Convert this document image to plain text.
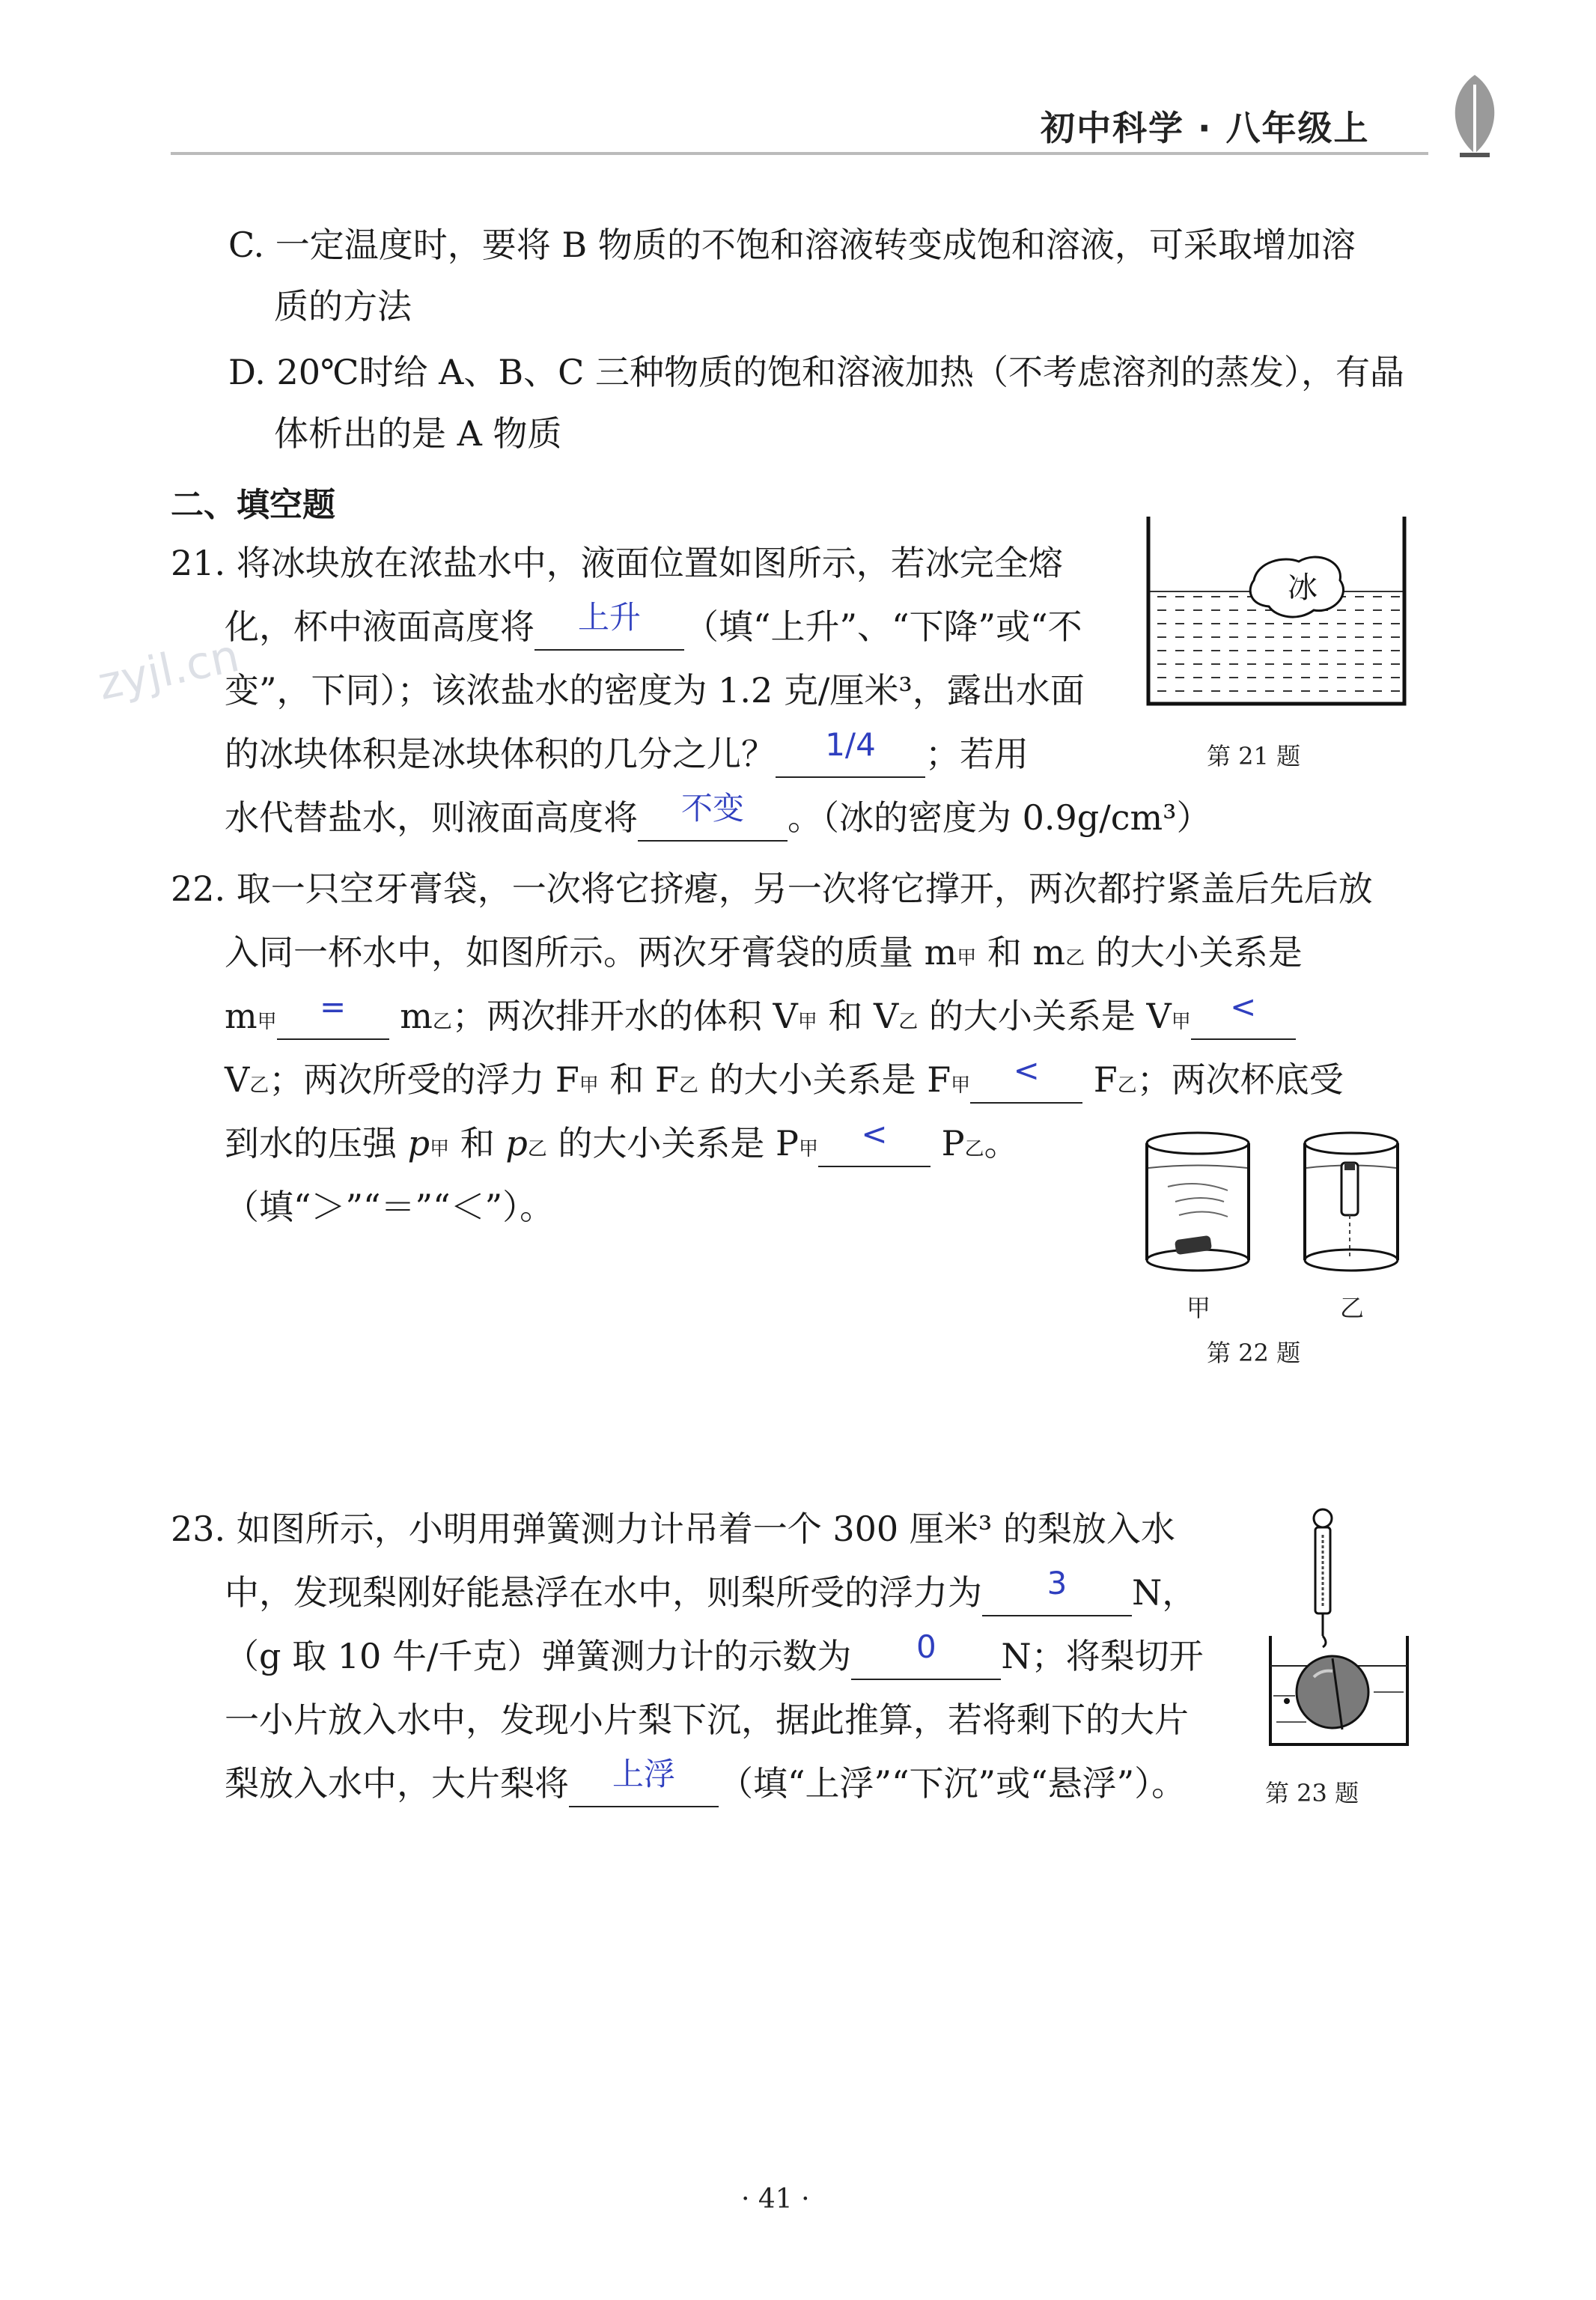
初中科学 · 八年级上
C. 一定温度时，要将 B 物质的不饱和溶液转变成饱和溶液，可采取增加溶
质的方法
D. 20℃时给 A、B、C 三种物质的饱和溶液加热（不考虑溶剂的蒸发），有晶
体析出的是 A 物质
二、填空题
zyjl.cn
21. 将冰块放在浓盐水中，液面位置如图所示，若冰完全熔
化，杯中液面高度将 上升 （填“上升”、“下降”或“不
变”，下同）；该浓盐水的密度为 1.2 克/厘米³，露出水面
的冰块体积是冰块体积的几分之儿？ 1/4 ；若用
水代替盐水，则液面高度将 不变 。（冰的密度为 0.9g/cm³）
冰
第 21 题
22. 取一只空牙膏袋，一次将它挤瘪，另一次将它撑开，两次都拧紧盖后先后放
入同一杯水中，如图所示。两次牙膏袋的质量 m甲 和 m乙 的大小关系是
m甲 = m乙；两次排开水的体积 V甲 和 V乙 的大小关系是 V甲 <
V乙；两次所受的浮力 F甲 和 F乙 的大小关系是 F甲 < F乙；两次杯底受
到水的压强 p甲 和 p乙 的大小关系是 P甲 < P乙。
（填“＞”“＝”“＜”）。
甲	乙
第 22 题
23. 如图所示，小明用弹簧测力计吊着一个 300 厘米³ 的梨放入水
中，发现梨刚好能悬浮在水中，则梨所受的浮力为 3 N，
（g 取 10 牛/千克）弹簧测力计的示数为 0 N；将梨切开
一小片放入水中，发现小片梨下沉，据此推算，若将剩下的大片
梨放入水中，大片梨将 上浮 （填“上浮”“下沉”或“悬浮”）。	第 23 题
· 41 ·
